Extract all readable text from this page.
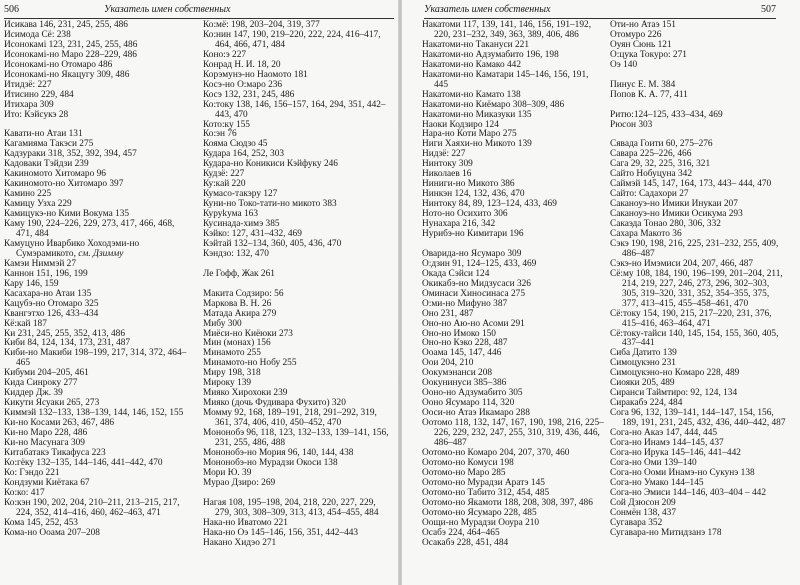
506	Указатель имен собственных
Исикава 146, 231, 245, 255, 486
Исимода Сё: 238
Исонокамі 123, 231, 245, 255, 486
Исонокамі-но Маро 228–229, 486
Исонокамі-но Отомаро 486
Исонокамі-но Якацугу 309, 486
Итидзё: 227
Итисино 229, 484
Итихара 309
Ито: Кэйсукэ 28
Кавати-но Атаи 131
Кагамияма Такэси 275
Кадзураки 318, 352, 392, 394, 457
Кадоваки Тэйдзи 239
Какиномото Хитомаро 96
Какиномото-но Хитомаро 397
Камино 225
Камицу Узха 229
Камицукэ-но Кими Вокума 135
Каму 190, 224–226, 229, 273, 417, 466, 468, 471, 484
Камуцуно Иварбико Хоходэми-но Сумэрамикото, см. Дзимму
Камэи Ниммэй 27
Каннон 151, 196, 199
Кару 146, 159
Касахара-но Атаи 135
Кацубэ-но Отомаро 325
Квангэтхо 126, 433–434
Кё:кай 187
Ки 231, 245, 255, 352, 413, 486
Киби 84, 124, 134, 173, 231, 487
Киби-но Макиби 198–199, 217, 314, 372, 464–465
Кибуми 204–205, 461
Кида Синроку 277
Киддер Дж. 39
Кикути Ясуаки 265, 273
Киммэй 132–133, 138–139, 144, 146, 152, 155
Ки-но Косами 263, 467, 486
Ки-но Маро 228, 486
Ки-но Масунага 309
Китабатакэ Тикафуса 223
Ко:гёку 132–135, 144–146, 441–442, 470
Ко: Гэндо 221
Кондзуми Киётака 67
Ко:ко: 417
Ко:кэн 190, 202, 204, 210–211, 213–215, 217, 224, 352, 414–416, 460, 462–463, 471
Кома 145, 252, 453
Кома-но Ооама 207–208
Ко:мё: 198, 203–204, 319, 377
Ко:нин 147, 190, 219–220, 222, 224, 416–417, 464, 466, 471, 484
Коно:э 227
Конрад Н. И. 18, 20
Корэмунэ-но Наомото 181
Косэ-но О:маро 236
Косэ 132, 231, 245, 486
Ко:току 138, 146, 156–157, 164, 294, 351, 442–443, 470
Кото:ку 155
Ко:эн 76
Кояма Сюдзо 45
Кудара 164, 252, 303
Кудара-но Коникиси Кэйфуку 246
Кудзё: 227
Ку:кай 220
Кумасо-такэру 127
Куни-но Токо-тати-но микото 383
Куруkума 163
Кусинада-химэ 385
Кэйко: 127, 431–432, 469
Кэйтай 132–134, 360, 405, 436, 470
Кэндзо: 132, 470
Ле Гофф, Жак 261
Макита Содзиро: 56
Маркова В. Н. 26
Матада Акира 279
Мибу 300
Миёси-но Киёюки 273
Мин (монах) 156
Минамото 255
Минамото-но Нобу 255
Миpу 198, 318
Мироку 139
Мияко Хирохоки 239
Мияко (дочь Фудивара Фухито) 320
Момму 92, 168, 189–191, 218, 291–292, 319, 361, 374, 406, 410, 450–452, 470
Mононобэ 96, 118, 123, 132–133, 139–141, 156, 231, 255, 486, 488
Мононобэ-но Мория 96, 140, 144, 438
Мононобэ-но Мурадзи Окоси 138
Мори Ю. 39
Мураo Дзиро: 269
Нагая 108, 195–198, 204, 218, 220, 227, 229, 279, 303, 308–309, 313, 413, 454–455, 484
Нака-но Иватомо 221
Нака-но Оэ 145–146, 156, 351, 442–443
Накано Хидэо 271
Указатель имен собственных	507
Накатоми 117, 139, 141, 146, 156, 191–192, 220, 231–232, 349, 363, 389, 406, 486
Накатоми-но Такануси 221
Накатоми-но Адзумабито 196, 198
Накатоми-но Камако 442
Накатоми-но Каматари 145–146, 156, 191, 445
Накатоми-но Камато 138
Накатоми-но Киёмаро 308–309, 486
Накатоми-но Миказуки 135
Наоки Кодзиро 124
Нара-но Коти Маро 275
Ниги Хаяхи-но Микото 139
Нидзё: 227
Нинтоку 309
Николаев 16
Ниниги-но Микото 386
Нинкэн 124, 132, 436, 470
Нинтоку 84, 89, 123–124, 433, 469
Ното-но Осихито 306
Нунахара 216, 342
Нурибэ-но Кимитари 196
Оварида-но Ясумаро 309
О:дзин 91, 124–125, 433, 469
Окада Сэйси 124
Окикабэ-но Мидзусаси 326
Оминаси Хиносинаса 275
О:ми-но Мифуно 387
Оно 231, 487
Оно-но Аю-но Асоми 291
Оно-но Имоко 150
Оно-но Кэко 228, 487
Ооама 145, 147, 446
Оои 204, 210
Оокумэнанси 208
Оокунинуси 385–386
Ооно-но Адзумабито 305
Ооно Ясумаро 114, 320
Ооси-но Атаэ Икамаро 288
Оотомо 118, 132, 147, 167, 190, 198, 216, 225–226, 229, 232, 247, 255, 310, 319, 436, 446, 486–487
Оотомо-но Комаро 204, 207, 370, 460
Оотомо-но Комуси 198
Оотомо-но Маро 285
Оотомо-но Мурадзи Аратэ 145
Оотомо-но Табито 312, 454, 485
Оотомо-но Якамоти 188, 208, 308, 397, 486
Оотомо-но Ясумаро 228, 485
Оощи-но Мурадзи Ооура 210
Осабэ 224, 464–465
Осакабэ 228, 451, 484
Оти-но Атаэ 151
Отомуро 226
Оуян Сюнь 121
О:цука Токуро: 271
Оэ 140
Пинус Е. М. 384
Попов К. А. 77, 411
Ритю:124–125, 433–434, 469
Рюсон 303
Сявада Гоити 60, 275–276
Савара 225–226, 466
Сага 29, 32, 225, 316, 321
Сайто Нобуцуна 342
Саймэй 145, 147, 164, 173, 443– 444, 470
Сайто: Садахори 27
Саканоуэ-но Имики Инукаи 207
Саканоуэ-но Имики Осикума 293
Сакаэда Тонао 280, 306, 332
Сахара Макото 36
Сэкэ 190, 198, 216, 225, 231–232, 255, 409, 486–487
Сэкэ-но Имэмиси 204, 207, 466, 487
Сё:му 108, 184, 190, 196–199, 201–204, 211, 214, 219, 227, 246, 273, 296, 302–303, 305, 319–320, 331, 352, 354–355, 375, 377, 413–415, 455–458–461, 470
Сё:току 154, 190, 215, 217–220, 231, 376, 415–416, 463–464, 471
Сё:току-тайси 140, 145, 154, 155, 360, 405, 437–441
Сиба Датито 139
Симоцукэно 231
Симоцукэно-но Комаро 228, 489
Сиояки 205, 489
Сиранси Таймтиро: 92, 124, 134
Сиракабэ 224, 484
Сога 96, 132, 139–141, 144–147, 154, 156, 189, 191, 231, 245, 432, 436, 440–442, 487
Сога-но Акаэ 147, 444, 445
Сога-но Инамэ 144–145, 437
Сога-но Ирука 145–146, 441–442
Сога-но Оми 139–140
Сога-но Ооми Инамэ-но Сукунэ 138
Сога-но Умако 144–145
Сога-но Эмиси 144–146, 403–404 – 442
Сой Дзюсон 209
Сонмён 138, 437
Сугавара 352
Сугавара-но Митидзанэ 178
